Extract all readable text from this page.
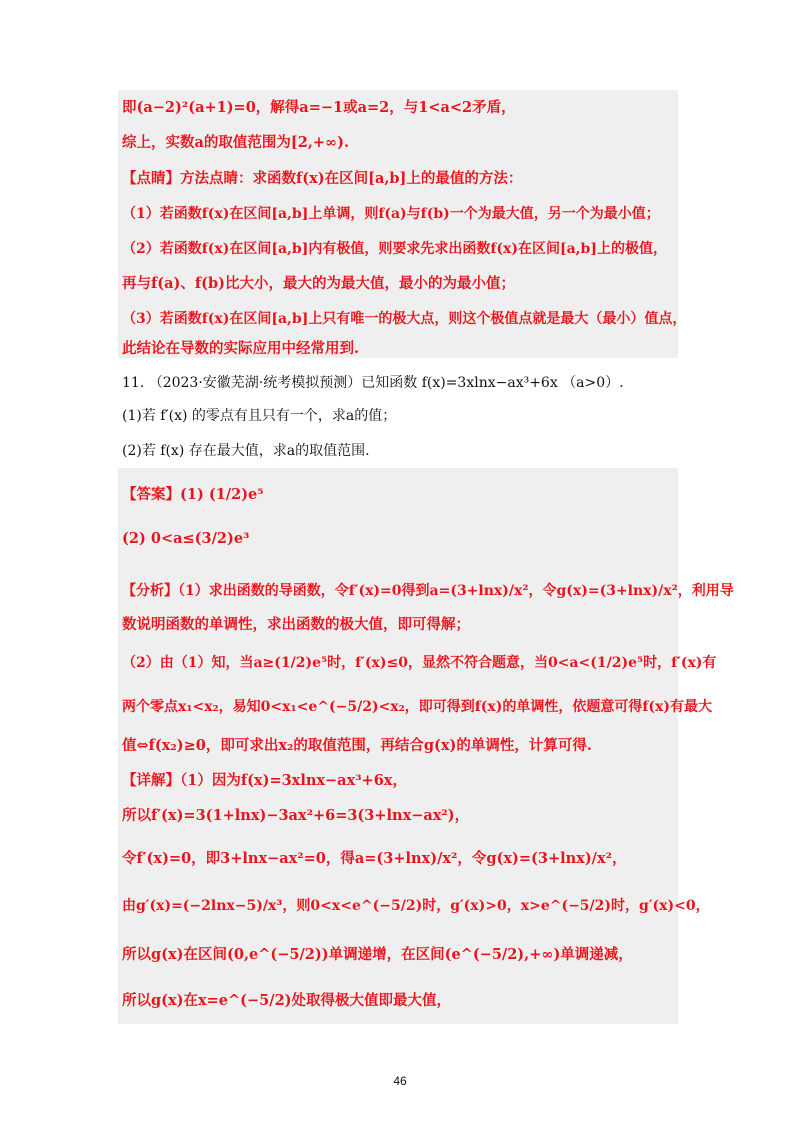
即(a−2)²(a+1)=0，解得a=−1或a=2，与1<a<2矛盾，
综上，实数a的取值范围为[2,+∞).
【点睛】方法点睛：求函数f(x)在区间[a,b]上的最值的方法：
（1）若函数f(x)在区间[a,b]上单调，则f(a)与f(b)一个为最大值，另一个为最小值；
（2）若函数f(x)在区间[a,b]内有极值，则要求先求出函数f(x)在区间[a,b]上的极值，
再与f(a)、f(b)比大小，最大的为最大值，最小的为最小值；
（3）若函数f(x)在区间[a,b]上只有唯一的极大点，则这个极值点就是最大（最小）值点，
此结论在导数的实际应用中经常用到.
11. （2023·安徽芜湖·统考模拟预测）已知函数 f(x)=3xlnx−ax³+6x （a>0）.
(1)若 f′(x) 的零点有且只有一个，求a的值；
(2)若 f(x) 存在最大值，求a的取值范围.
【答案】(1) (1/2)e⁵
(2) 0<a≤(3/2)e³
【分析】（1）求出函数的导函数，令f′(x)=0得到a=(3+lnx)/x²，令g(x)=(3+lnx)/x²，利用导
数说明函数的单调性，求出函数的极大值，即可得解；
（2）由（1）知，当a≥(1/2)e⁵时，f′(x)≤0，显然不符合题意，当0<a<(1/2)e⁵时，f′(x)有
两个零点x₁<x₂，易知0<x₁<e^(−5/2)<x₂，即可得到f(x)的单调性，依题意可得f(x)有最大
值⇔f(x₂)≥0，即可求出x₂的取值范围，再结合g(x)的单调性，计算可得.
【详解】（1）因为f(x)=3xlnx−ax³+6x，
所以f′(x)=3(1+lnx)−3ax²+6=3(3+lnx−ax²)，
令f′(x)=0，即3+lnx−ax²=0，得a=(3+lnx)/x²，令g(x)=(3+lnx)/x²，
由g′(x)=(−2lnx−5)/x³，则0<x<e^(−5/2)时，g′(x)>0，x>e^(−5/2)时，g′(x)<0，
所以g(x)在区间(0,e^(−5/2))单调递增，在区间(e^(−5/2),+∞)单调递减，
所以g(x)在x=e^(−5/2)处取得极大值即最大值，
46
